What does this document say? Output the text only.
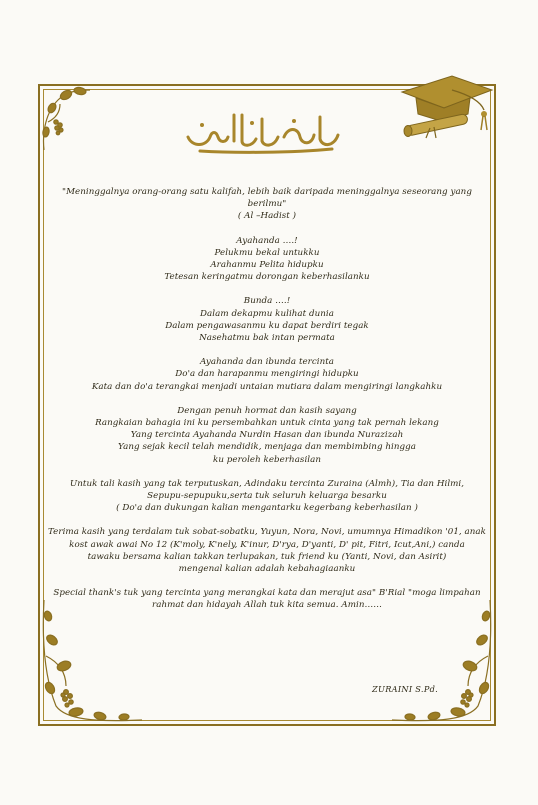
"Meninggalnya orang-orang satu kalifah, lebih baik daripada meninggalnya seseorang yang berilmu"

( Al –Hadist )

Ayahanda ….!

Pelukmu bekal untukku

Arahanmu Pelita hidupku

Tetesan keringatmu dorongan keberhasilanku

Bunda ….!

Dalam dekapmu kulihat dunia

Dalam pengawasanmu ku dapat berdiri tegak

Nasehatmu bak intan permata

Ayahanda dan ibunda tercinta

Do'a dan harapanmu mengiringi hidupku

Kata dan do'a terangkai menjadi untaian mutiara dalam mengiringi langkahku

Dengan penuh hormat dan kasih sayang

Rangkaian bahagia ini ku persembahkan untuk cinta yang tak pernah lekang

Yang tercinta Ayahanda Nurdin Hasan dan ibunda Nurazizah

Yang sejak kecil telah mendidik, menjaga dan membimbing hingga

ku peroleh keberhasilan

Untuk tali kasih yang tak terputuskan, Adindaku tercinta Zuraina (Almh), Tia dan Hilmi,

Sepupu-sepupuku,serta tuk seluruh keluarga besarku

( Do'a dan dukungan kalian mengantarku kegerbang keberhasilan )

Terima kasih yang terdalam tuk sobat-sobatku, Yuyun, Nora, Novi, umumnya Himadikon '01, anak

kost awak awai No 12 (K'moly, K'nely, K'inur, D'rya, D'yanti, D' pit, Fitri, Icut,Ani,) canda

tawaku bersama kalian takkan terlupakan, tuk friend ku (Yanti, Novi, dan Asirit)

mengenal kalian adalah kebahagiaanku

Special thank's tuk yang tercinta yang merangkai kata dan merajut asa" B'Rial "moga limpahan

rahmat dan hidayah Allah tuk kita semua. Amin……

ZURAINI S.Pd.
